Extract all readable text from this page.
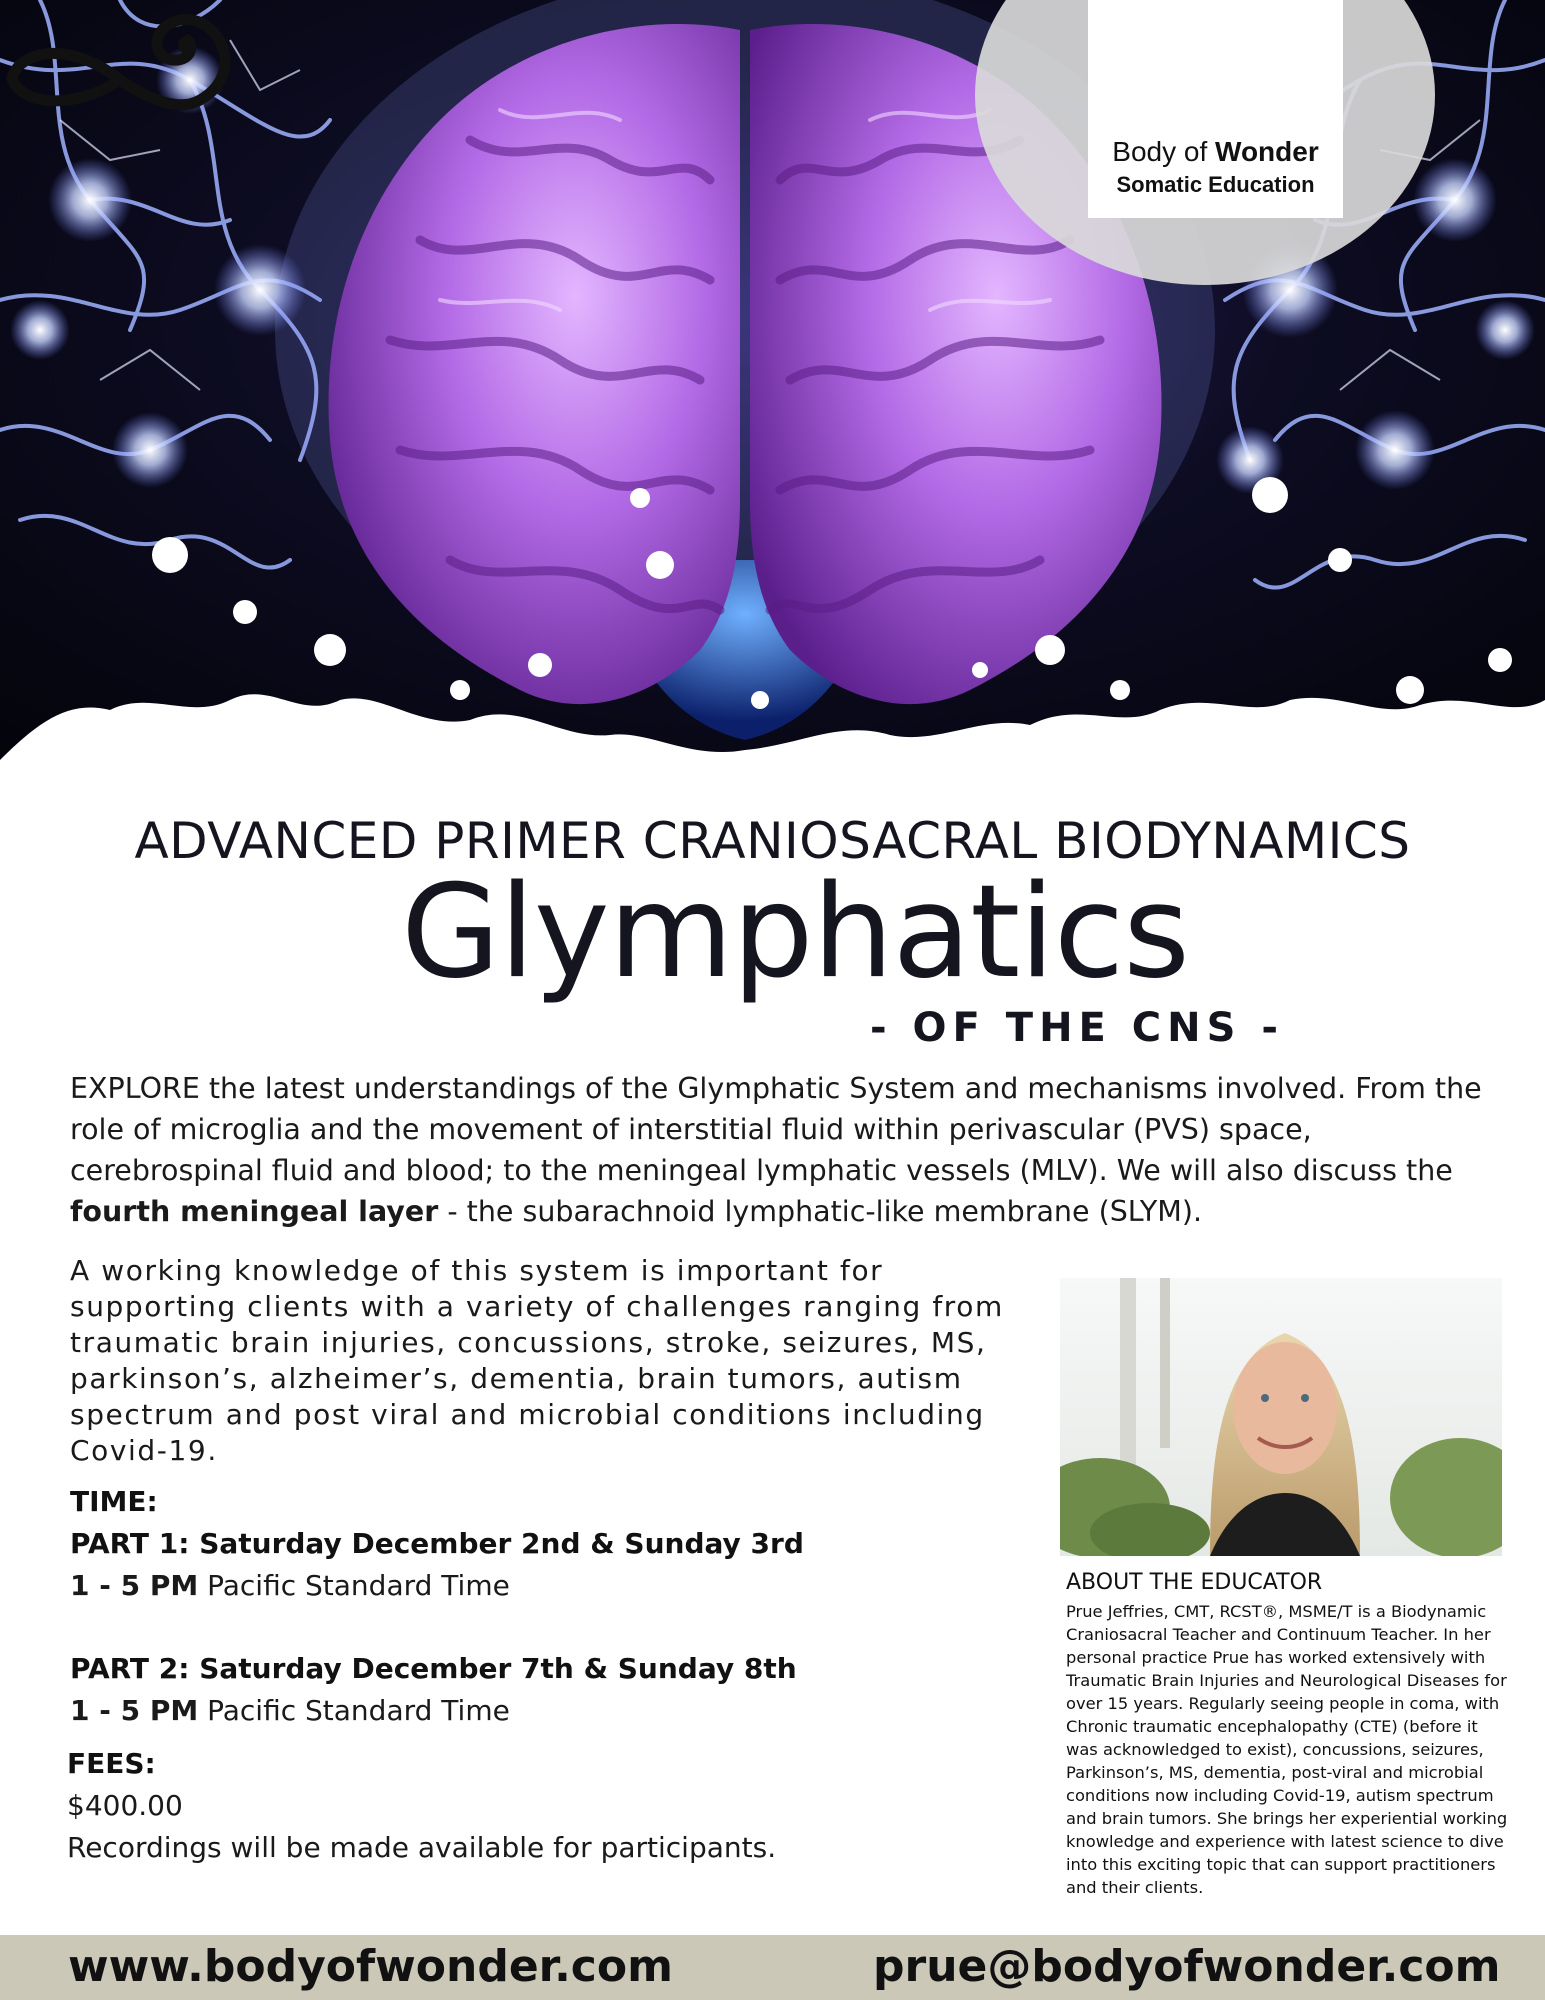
Body of Wonder
Somatic Education
ADVANCED PRIMER CRANIOSACRAL BIODYNAMICS
Glymphatics
- OF THE CNS -
EXPLORE the latest understandings of the Glymphatic System and mechanisms involved. From the role of microglia and the movement of interstitial fluid within perivascular (PVS) space, cerebrospinal fluid and blood; to the meningeal lymphatic vessels (MLV). We will also discuss the fourth meningeal layer - the subarachnoid lymphatic-like membrane (SLYM).
A working knowledge of this system is important for supporting clients with a variety of challenges ranging from traumatic brain injuries, concussions, stroke, seizures, MS, parkinson’s, alzheimer’s, dementia, brain tumors, autism spectrum and post viral and microbial conditions including Covid-19.
TIME:
PART 1: Saturday December 2nd & Sunday 3rd
1 - 5 PM Pacific Standard Time
PART 2: Saturday December 7th & Sunday 8th
1 - 5 PM Pacific Standard Time
FEES:
$400.00
Recordings will be made available for participants.
ABOUT THE EDUCATOR
Prue Jeffries, CMT, RCST®, MSME/T is a Biodynamic Craniosacral Teacher and Continuum Teacher. In her personal practice Prue has worked extensively with Traumatic Brain Injuries and Neurological Diseases for over 15 years. Regularly seeing people in coma, with Chronic traumatic encephalopathy (CTE) (before it was acknowledged to exist), concussions, seizures, Parkinson’s, MS, dementia, post-viral and microbial conditions now including Covid-19, autism spectrum and brain tumors. She brings her experiential working knowledge and experience with latest science to dive into this exciting topic that can support practitioners and their clients.
www.bodyofwonder.com	prue@bodyofwonder.com
